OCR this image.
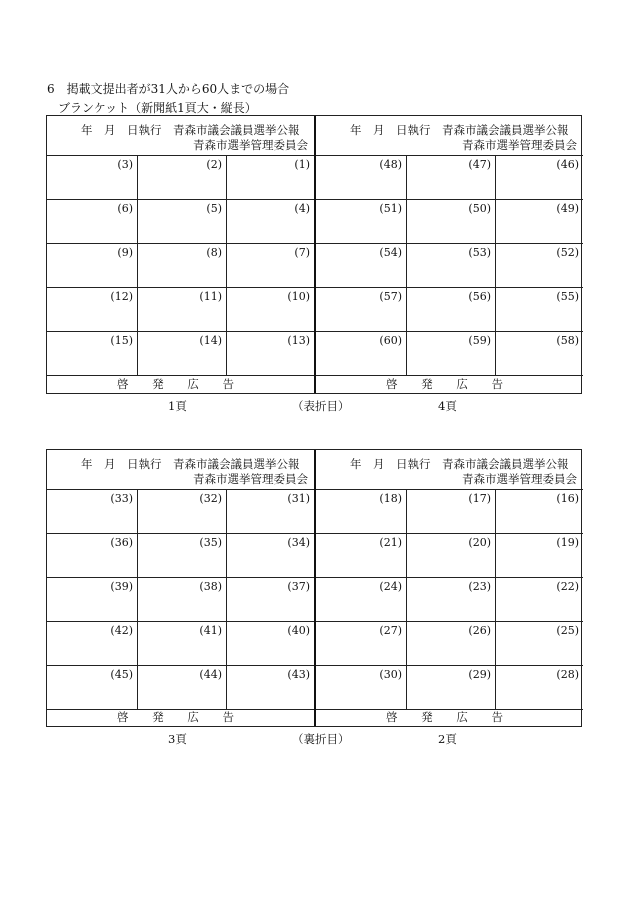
6　掲載文提出者が31人から60人までの場合
ブランケット（新聞紙1頁大・縦長）
年　月　日執行　青森市議会議員選挙公報
青森市選挙管理委員会
(3)	(2)	(1)
(6)	(5)	(4)
(9)	(8)	(7)
(12)	(11)	(10)
(15)	(14)	(13)
啓 発 広 告
年　月　日執行　青森市議会議員選挙公報
青森市選挙管理委員会
(48)	(47)	(46)
(51)	(50)	(49)
(54)	(53)	(52)
(57)	(56)	(55)
(60)	(59)	(58)
啓 発 広 告
1頁	（表折目）	4頁
年　月　日執行　青森市議会議員選挙公報
青森市選挙管理委員会
(33)	(32)	(31)
(36)	(35)	(34)
(39)	(38)	(37)
(42)	(41)	(40)
(45)	(44)	(43)
啓 発 広 告
年　月　日執行　青森市議会議員選挙公報
青森市選挙管理委員会
(18)	(17)	(16)
(21)	(20)	(19)
(24)	(23)	(22)
(27)	(26)	(25)
(30)	(29)	(28)
啓 発 広 告
3頁	（裏折目）	2頁
